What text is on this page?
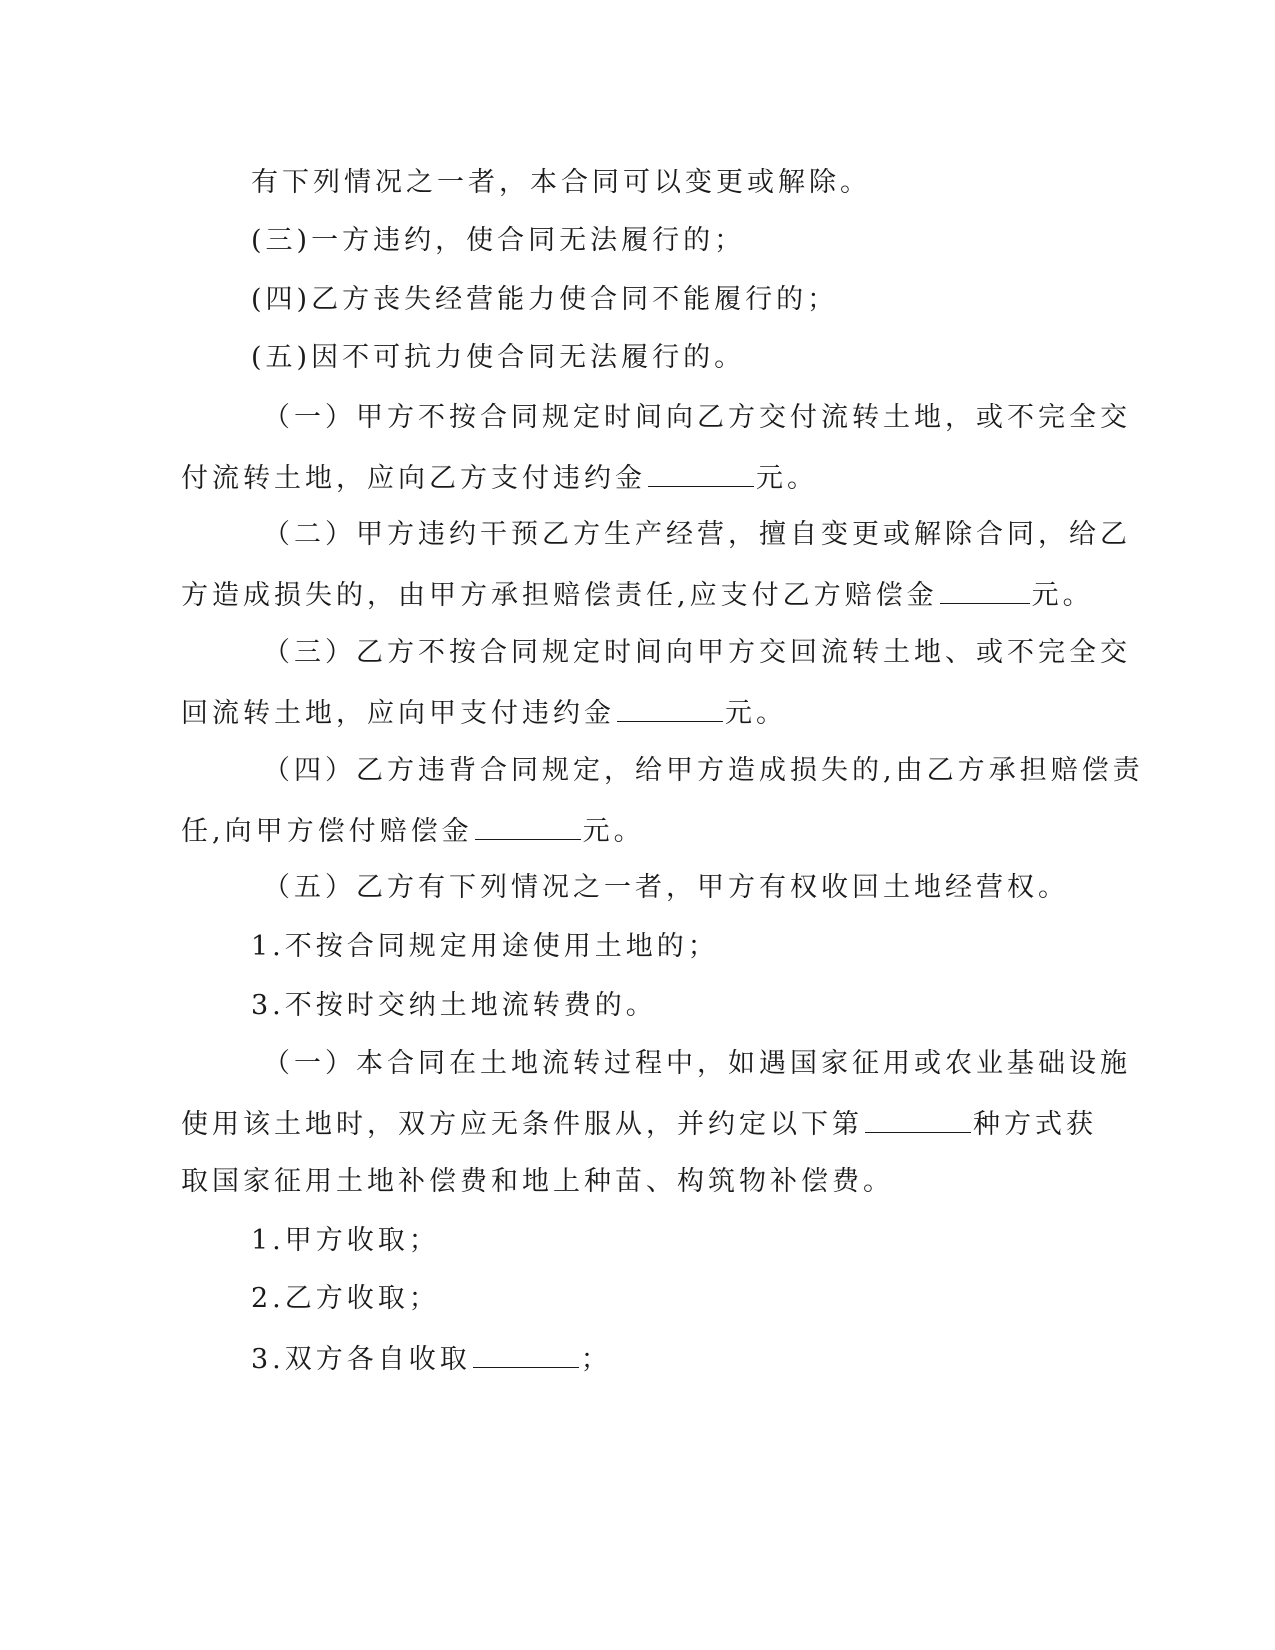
有下列情况之一者，本合同可以变更或解除。
(三)一方违约，使合同无法履行的；
(四)乙方丧失经营能力使合同不能履行的；
(五)因不可抗力使合同无法履行的。
（一）甲方不按合同规定时间向乙方交付流转土地，或不完全交
付流转土地，应向乙方支付违约金	元。
（二）甲方违约干预乙方生产经营，擅自变更或解除合同，给乙
方造成损失的，由甲方承担赔偿责任,应支付乙方赔偿金	元。
（三）乙方不按合同规定时间向甲方交回流转土地、或不完全交
回流转土地，应向甲支付违约金	元。
（四）乙方违背合同规定，给甲方造成损失的,由乙方承担赔偿责
任,向甲方偿付赔偿金	元。
（五）乙方有下列情况之一者，甲方有权收回土地经营权。
1.不按合同规定用途使用土地的；
3.不按时交纳土地流转费的。
（一）本合同在土地流转过程中，如遇国家征用或农业基础设施
使用该土地时，双方应无条件服从，并约定以下第	种方式获
取国家征用土地补偿费和地上种苗、构筑物补偿费。
1.甲方收取；
2.乙方收取；
3.双方各自收取	；
